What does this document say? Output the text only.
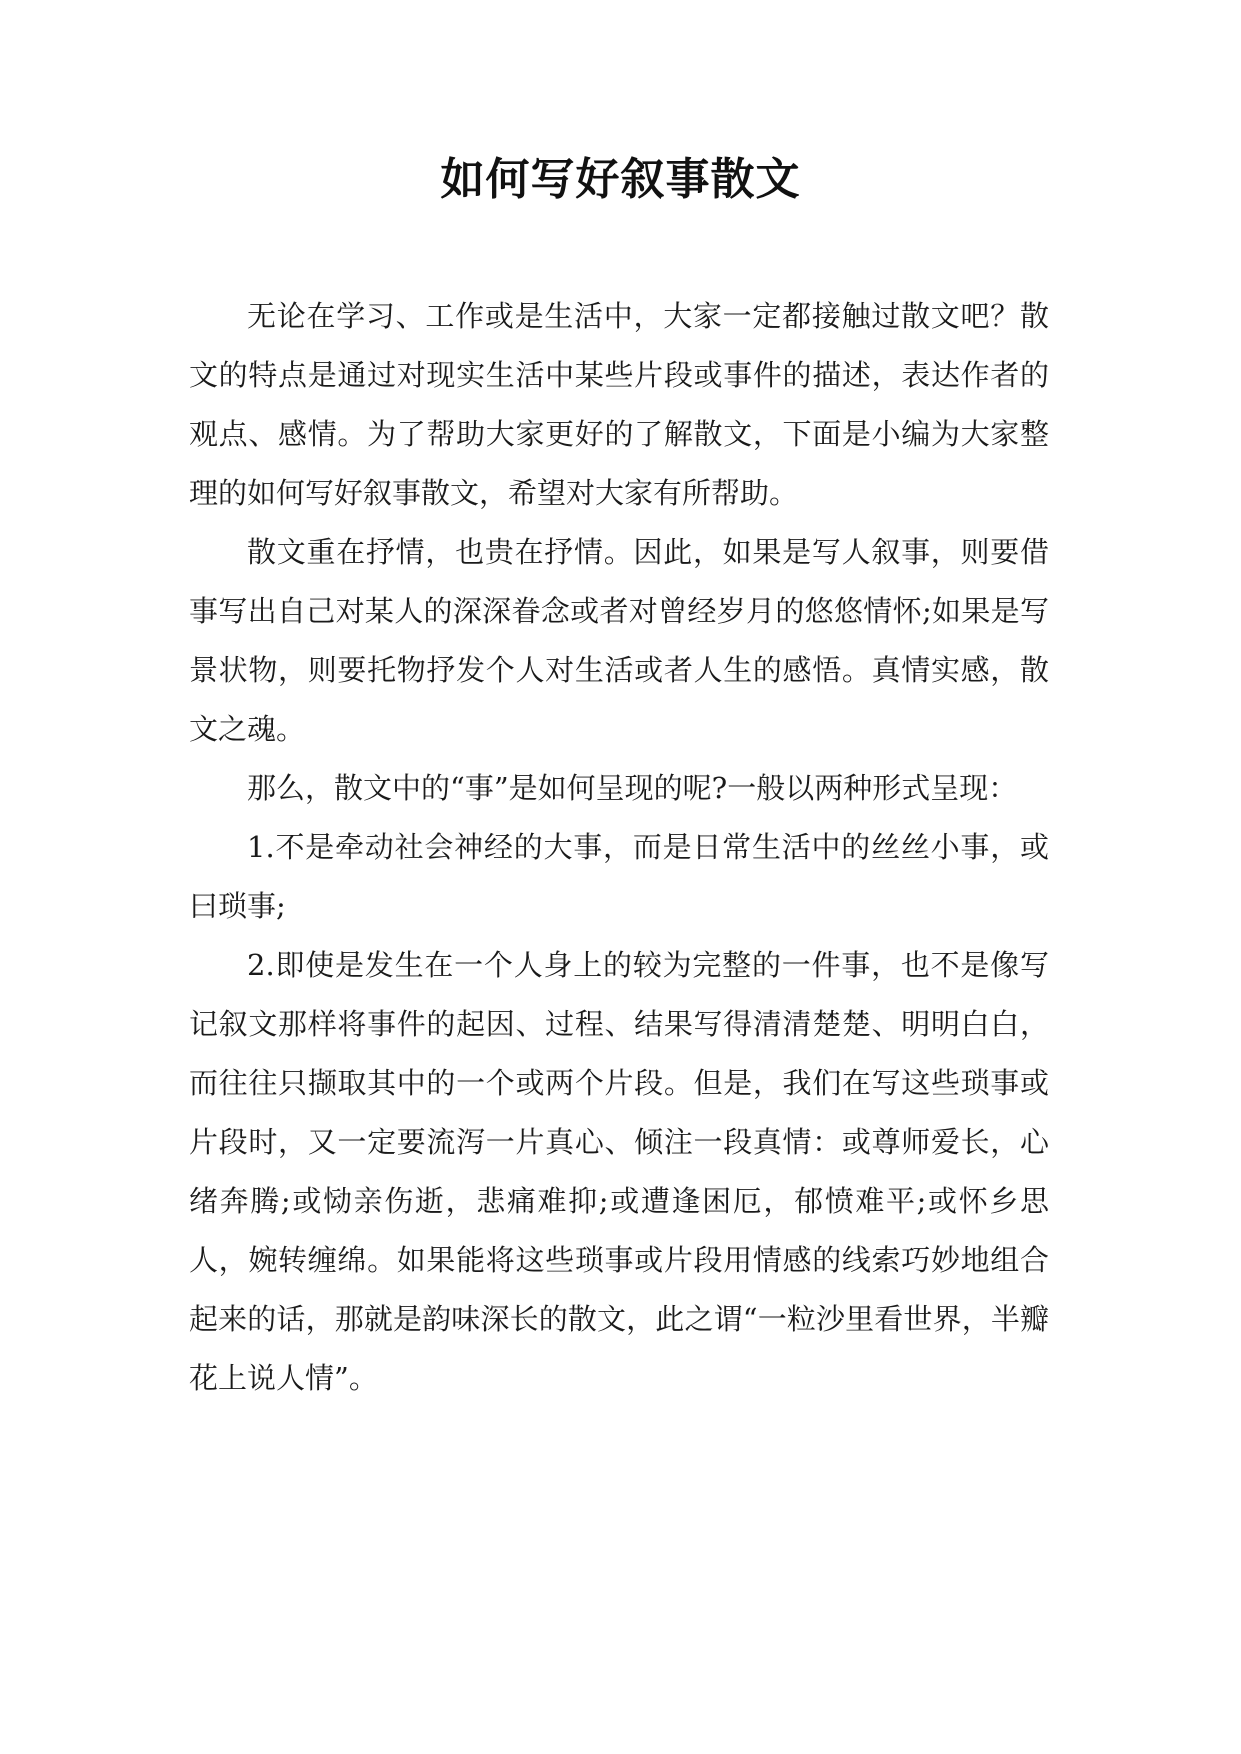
如何写好叙事散文

无论在学习、工作或是生活中，大家一定都接触过散文吧？散文的特点是通过对现实生活中某些片段或事件的描述，表达作者的观点、感情。为了帮助大家更好的了解散文，下面是小编为大家整理的如何写好叙事散文，希望对大家有所帮助。

散文重在抒情，也贵在抒情。因此，如果是写人叙事，则要借事写出自己对某人的深深眷念或者对曾经岁月的悠悠情怀;如果是写景状物，则要托物抒发个人对生活或者人生的感悟。真情实感，散文之魂。

那么，散文中的“事”是如何呈现的呢?一般以两种形式呈现：

1.不是牵动社会神经的大事，而是日常生活中的丝丝小事，或曰琐事;

2.即使是发生在一个人身上的较为完整的一件事，也不是像写记叙文那样将事件的起因、过程、结果写得清清楚楚、明明白白，而往往只撷取其中的一个或两个片段。但是，我们在写这些琐事或片段时，又一定要流泻一片真心、倾注一段真情：或尊师爱长，心绪奔腾;或恸亲伤逝，悲痛难抑;或遭逢困厄，郁愤难平;或怀乡思人，婉转缠绵。如果能将这些琐事或片段用情感的线索巧妙地组合起来的话，那就是韵味深长的散文，此之谓“一粒沙里看世界，半瓣花上说人情”。
